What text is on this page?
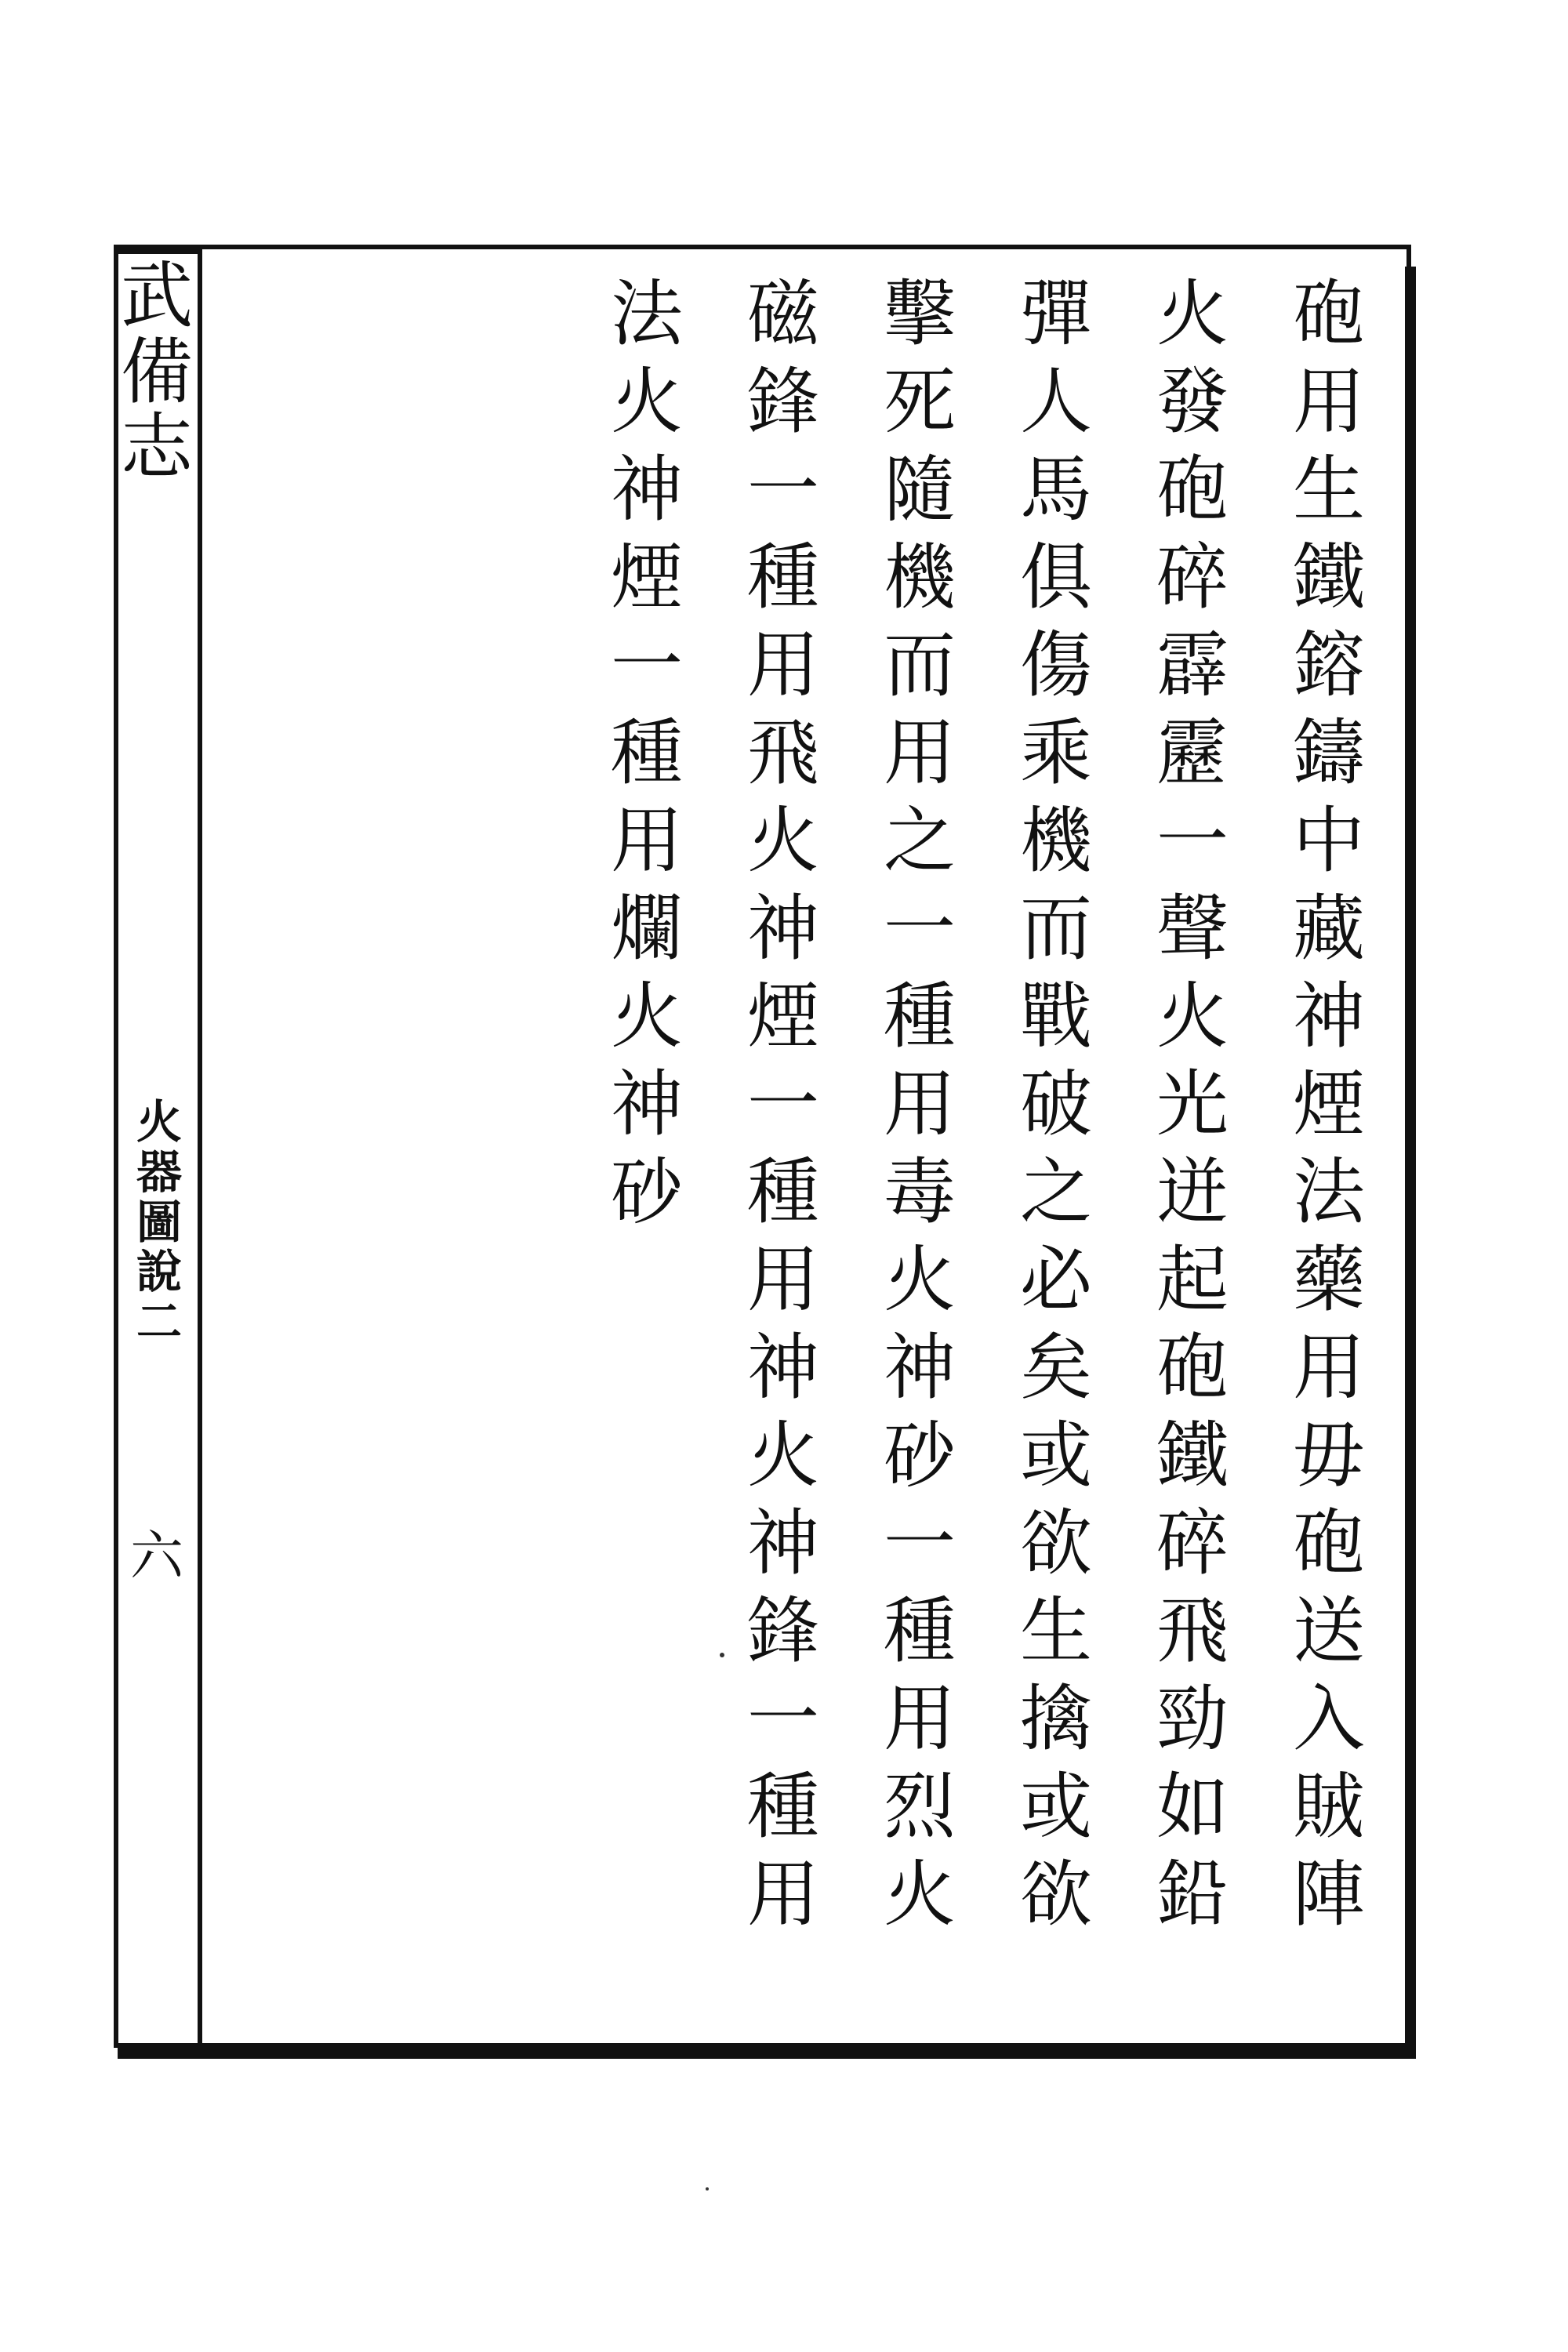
武
備
志
火
器
圖
說
二
六
砲
用
生
鐵
鎔
鑄
中
藏
神
煙
法
藥
用
毋
砲
送
入
賊
陣
火
發
砲
碎
霹
靂
一
聲
火
光
迸
起
砲
鐵
碎
飛
勁
如
鉛
彈
人
馬
俱
傷
乘
機
而
戰
破
之
必
矣
或
欲
生
擒
或
欲
擊
死
隨
機
而
用
之
一
種
用
毒
火
神
砂
一
種
用
烈
火
磁
鋒
一
種
用
飛
火
神
煙
一
種
用
神
火
神
鋒
一
種
用
法
火
神
煙
一
種
用
爛
火
神
砂
